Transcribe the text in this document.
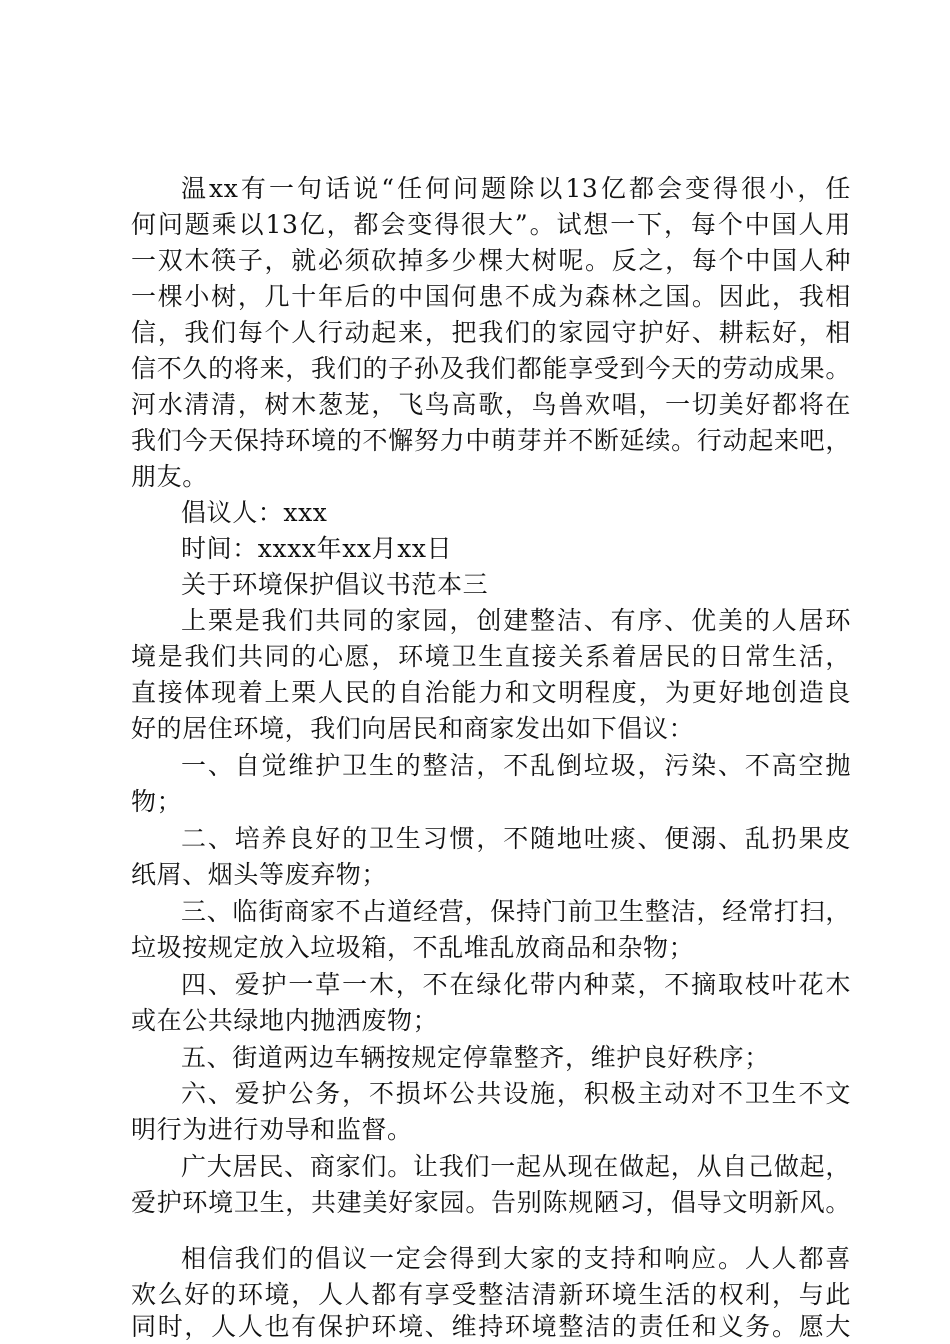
温xx有一句话说“任何问题除以13亿都会变得很小，任
何问题乘以13亿，都会变得很大”。试想一下，每个中国人用
一双木筷子，就必须砍掉多少棵大树呢。反之，每个中国人种
一棵小树，几十年后的中国何患不成为森林之国。因此，我相
信，我们每个人行动起来，把我们的家园守护好、耕耘好，相
信不久的将来，我们的子孙及我们都能享受到今天的劳动成果。
河水清清，树木葱茏，飞鸟高歌，鸟兽欢唱，一切美好都将在
我们今天保持环境的不懈努力中萌芽并不断延续。行动起来吧，
朋友。
倡议人：xxx
时间：xxxx年xx月xx日
关于环境保护倡议书范本三
上栗是我们共同的家园，创建整洁、有序、优美的人居环
境是我们共同的心愿，环境卫生直接关系着居民的日常生活，
直接体现着上栗人民的自治能力和文明程度，为更好地创造良
好的居住环境，我们向居民和商家发出如下倡议：
一、自觉维护卫生的整洁，不乱倒垃圾，污染、不高空抛
物；
二、培养良好的卫生习惯，不随地吐痰、便溺、乱扔果皮
纸屑、烟头等废弃物；
三、临街商家不占道经营，保持门前卫生整洁，经常打扫，
垃圾按规定放入垃圾箱，不乱堆乱放商品和杂物；
四、爱护一草一木，不在绿化带内种菜，不摘取枝叶花木
或在公共绿地内抛洒废物；
五、街道两边车辆按规定停靠整齐，维护良好秩序；
六、爱护公务，不损坏公共设施，积极主动对不卫生不文
明行为进行劝导和监督。
广大居民、商家们。让我们一起从现在做起，从自己做起，
爱护环境卫生，共建美好家园。告别陈规陋习，倡导文明新风。
相信我们的倡议一定会得到大家的支持和响应。人人都喜
欢么好的环境，人人都有享受整洁清新环境生活的权利，与此
同时，人人也有保护环境、维持环境整洁的责任和义务。愿大
